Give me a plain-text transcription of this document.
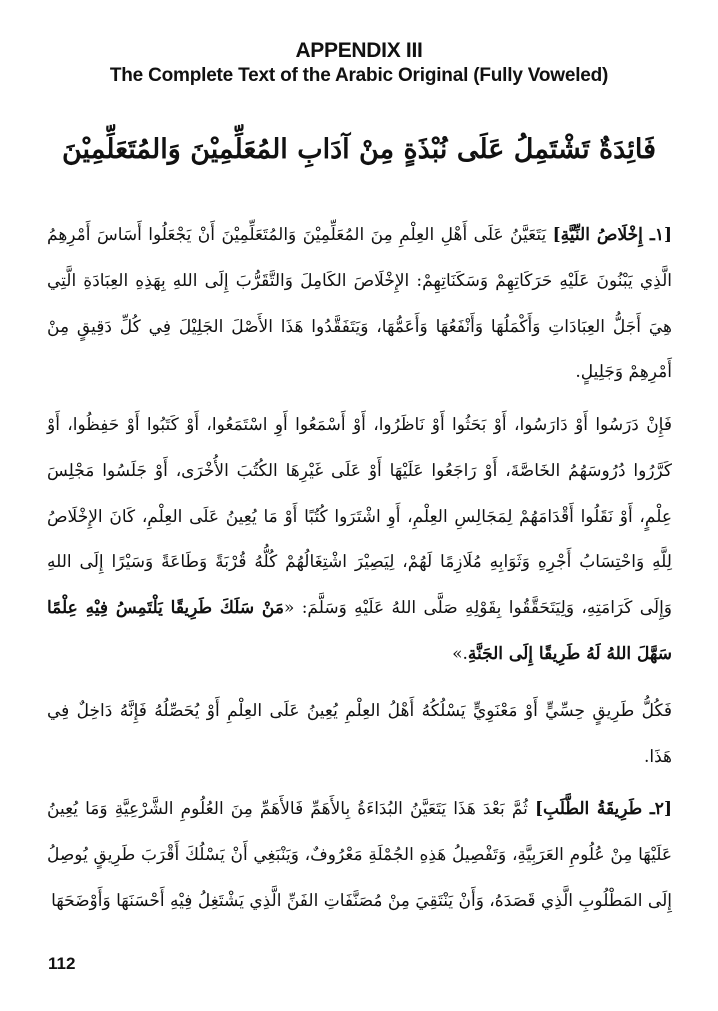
APPENDIX III
The Complete Text of the Arabic Original (Fully Voweled)
فَائِدَةٌ تَشْتَمِلُ عَلَى نُبْذَةٍ مِنْ آدَابِ المُعَلِّمِيْنَ وَالمُتَعَلِّمِيْنَ

[١ـ إِخْلَاصُ النِّيَّةِ] يَتَعَيَّنُ عَلَى أَهْلِ العِلْمِ مِنَ المُعَلِّمِيْنَ وَالمُتَعَلِّمِيْنَ أَنْ يَجْعَلُوا أَسَاسَ أَمْرِهِمُ الَّذِي يَبْنُونَ عَلَيْهِ حَرَكَاتِهِمْ وَسَكَنَاتِهِمْ: الإِخْلَاصَ الكَامِلَ وَالتَّقَرُّبَ إِلَى اللهِ بِهَذِهِ العِبَادَةِ الَّتِي هِيَ أَجَلُّ العِبَادَاتِ وَأَكْمَلُهَا وَأَنْفَعُهَا وَأَعَمُّهَا، وَيَتَفَقَّدُوا هَذَا الأَصْلَ الجَلِيْلَ فِي كُلِّ دَقِيقٍ مِنْ أَمْرِهِمْ وَجَلِيلٍ.

فَإِنْ دَرَسُوا أَوْ دَارَسُوا، أَوْ بَحَثُوا أَوْ نَاظَرُوا، أَوْ أَسْمَعُوا أَوِ اسْتَمَعُوا، أَوْ كَتَبُوا أَوْ حَفِظُوا، أَوْ كَرَّرُوا دُرُوسَهُمُ الخَاصَّةَ، أَوْ رَاجَعُوا عَلَيْهَا أَوْ عَلَى غَيْرِهَا الكُتُبَ الأُخْرَى، أَوْ جَلَسُوا مَجْلِسَ عِلْمٍ، أَوْ نَقَلُوا أَقْدَامَهُمْ لِمَجَالِسِ العِلْمِ، أَوِ اشْتَرَوا كُتُبًا أَوْ مَا يُعِينُ عَلَى العِلْمِ، كَانَ الإِخْلَاصُ لِلَّهِ وَاحْتِسَابُ أَجْرِهِ وَثَوَابِهِ مُلَازِمًا لَهُمْ، لِيَصِيْرَ اشْتِغَالُهُمْ كُلُّهُ قُرْبَةً وَطَاعَةً وَسَيْرًا إِلَى اللهِ وَإِلَى كَرَامَتِهِ، وَلِيَتَحَقَّقُوا بِقَوْلِهِ صَلَّى اللهُ عَلَيْهِ وَسَلَّمَ: «مَنْ سَلَكَ طَرِيقًا يَلْتَمِسُ فِيْهِ عِلْمًا سَهَّلَ اللهُ لَهُ طَرِيقًا إِلَى الجَنَّةِ.»

فَكُلُّ طَرِيقٍ حِسِّيٍّ أَوْ مَعْنَوِيٍّ يَسْلُكُهُ أَهْلُ العِلْمِ يُعِينُ عَلَى العِلْمِ أَوْ يُحَصِّلُهُ فَإِنَّهُ دَاخِلٌ فِي هَذَا.

[٢ـ طَرِيقَةُ الطَّلَبِ] ثُمَّ بَعْدَ هَذَا يَتَعَيَّنُ البُدَاءَةُ بِالأَهَمِّ فَالأَهَمِّ مِنَ العُلُومِ الشَّرْعِيَّةِ وَمَا يُعِينُ عَلَيْهَا مِنْ عُلُومِ العَرَبِيَّةِ، وَتَفْصِيلُ هَذِهِ الجُمْلَةِ مَعْرُوفٌ، وَيَنْبَغِي أَنْ يَسْلُكَ أَقْرَبَ طَرِيقٍ يُوصِلُ إِلَى المَطْلُوبِ الَّذِي قَصَدَهُ، وَأَنْ يَنْتَقِيَ مِنْ مُصَنَّفَاتِ الفَنِّ الَّذِي يَشْتَغِلُ فِيْهِ أَحْسَنَهَا وَأَوْضَحَهَا

112
